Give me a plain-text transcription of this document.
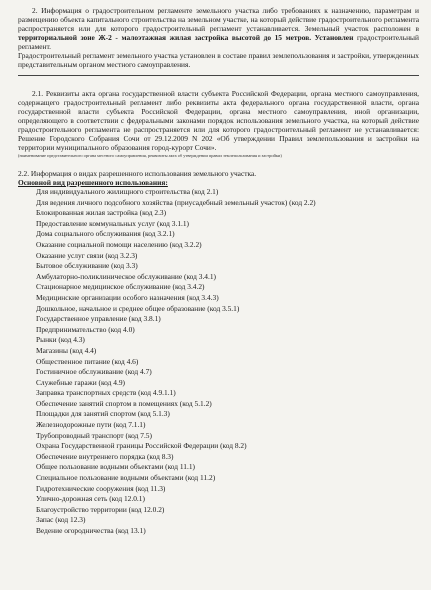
2. Информация о градостроительном регламенте земельного участка либо требованиях к назначению, параметрам и размещению объекта капитального строительства на земельном участке, на который действие градостроительного регламента распространяется или для которого градостроительный регламент устанавливается. Земельный участок расположен в территориальной зоне Ж-2 - малоэтажная жилая застройка высотой до 15 метров. Установлен градостроительный регламент.

Градостроительный регламент земельного участка установлен в составе правил землепользования и застройки, утвержденных представительным органом местного самоуправления.

2.1. Реквизиты акта органа государственной власти субъекта Российской Федерации, органа местного самоуправления, содержащего градостроительный регламент либо реквизиты акта федерального органа государственной власти, органа государственной власти субъекта Российской Федерации, органа местного самоуправления, иной организации, определяющего в соответствии с федеральными законами порядок использования земельного участка, на который действие градостроительного регламента не распространяется или для которого градостроительный регламент не устанавливается: Решение Городского Собрания Сочи от 29.12.2009 N 202 «Об утверждении Правил землепользования и застройки на территории муниципального образования город-курорт Сочи».

(наименование представительного органа местного самоуправления, реквизиты акта об утверждении правил землепользования и застройки)

2.2. Информация о видах разрешенного использования земельного участка.

Основной вид разрешенного использования:

Для индивидуального жилищного строительства (код 2.1)
Для ведения личного подсобного хозяйства (приусадебный земельный участок) (код 2.2)
Блокированная жилая застройка (код 2.3)
Предоставление коммунальных услуг (код 3.1.1)
Дома социального обслуживания (код 3.2.1)
Оказание социальной помощи населению (код 3.2.2)
Оказание услуг связи (код 3.2.3)
Бытовое обслуживание (код 3.3)
Амбулаторно-поликлиническое обслуживание (код 3.4.1)
Стационарное медицинское обслуживание (код 3.4.2)
Медицинские организации особого назначения (код 3.4.3)
Дошкольное, начальное и среднее общее образование (код 3.5.1)
Государственное управление (код 3.8.1)
Предпринимательство (код 4.0)
Рынки (код 4.3)
Магазины (код 4.4)
Общественное питание (код 4.6)
Гостиничное обслуживание (код 4.7)
Служебные гаражи (код 4.9)
Заправка транспортных средств (код 4.9.1.1)
Обеспечение занятий спортом в помещениях (код 5.1.2)
Площадки для занятий спортом (код 5.1.3)
Железнодорожные пути (код 7.1.1)
Трубопроводный транспорт (код 7.5)
Охрана Государственной границы Российской Федерации (код 8.2)
Обеспечение внутреннего порядка (код 8.3)
Общее пользование водными объектами (код 11.1)
Специальное пользование водными объектами (код 11.2)
Гидротехнические сооружения (код 11.3)
Улично-дорожная сеть (код 12.0.1)
Благоустройство территории (код 12.0.2)
Запас (код 12.3)
Ведение огородничества (код 13.1)
